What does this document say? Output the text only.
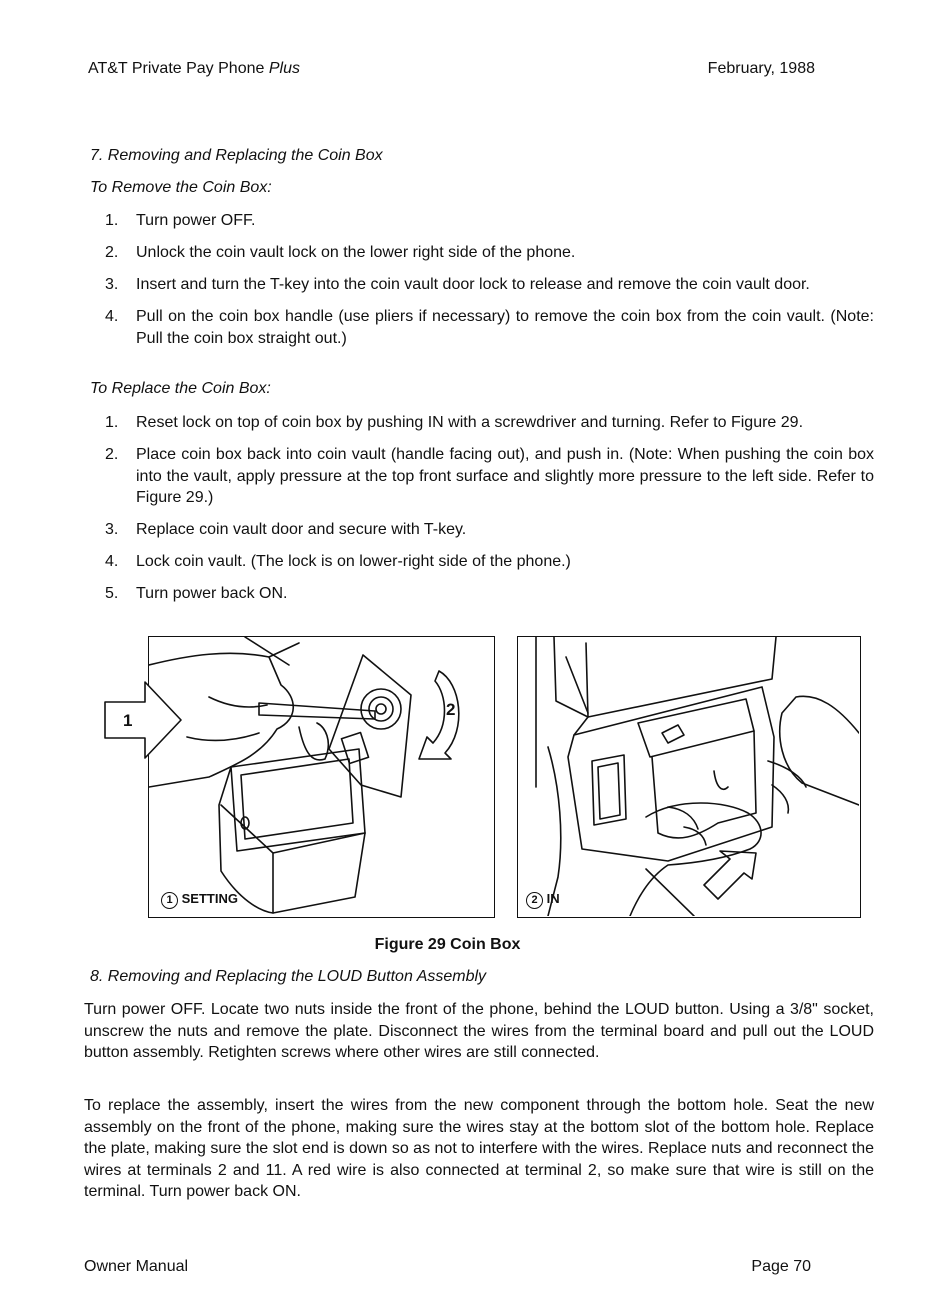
AT&T Private Pay Phone Plus	February, 1988
7. Removing and Replacing the Coin Box
To Remove the Coin Box:
1. Turn power OFF.
2. Unlock the coin vault lock on the lower right side of the phone.
3. Insert and turn the T-key into the coin vault door lock to release and remove the coin vault door.
4. Pull on the coin box handle (use pliers if necessary) to remove the coin box from the coin vault. (Note: Pull the coin box straight out.)
To Replace the Coin Box:
1. Reset lock on top of coin box by pushing IN with a screwdriver and turning. Refer to Figure 29.
2. Place coin box back into coin vault (handle facing out), and push in. (Note: When pushing the coin box into the vault, apply pressure at the top front surface and slightly more pressure to the left side. Refer to Figure 29.)
3. Replace coin vault door and secure with T-key.
4. Lock coin vault. (The lock is on lower-right side of the phone.)
5. Turn power back ON.
2
1 SETTING
1
2 IN
Figure 29 Coin Box
8. Removing and Replacing the LOUD Button Assembly
Turn power OFF. Locate two nuts inside the front of the phone, behind the LOUD button. Using a 3/8" socket, unscrew the nuts and remove the plate. Disconnect the wires from the terminal board and pull out the LOUD button assembly. Retighten screws where other wires are still connected.
To replace the assembly, insert the wires from the new component through the bottom hole. Seat the new assembly on the front of the phone, making sure the wires stay at the bottom slot of the bottom hole. Replace the plate, making sure the slot end is down so as not to interfere with the wires. Replace nuts and reconnect the wires at terminals 2 and 11. A red wire is also connected at terminal 2, so make sure that wire is still on the terminal. Turn power back ON.
Owner Manual	Page 70
